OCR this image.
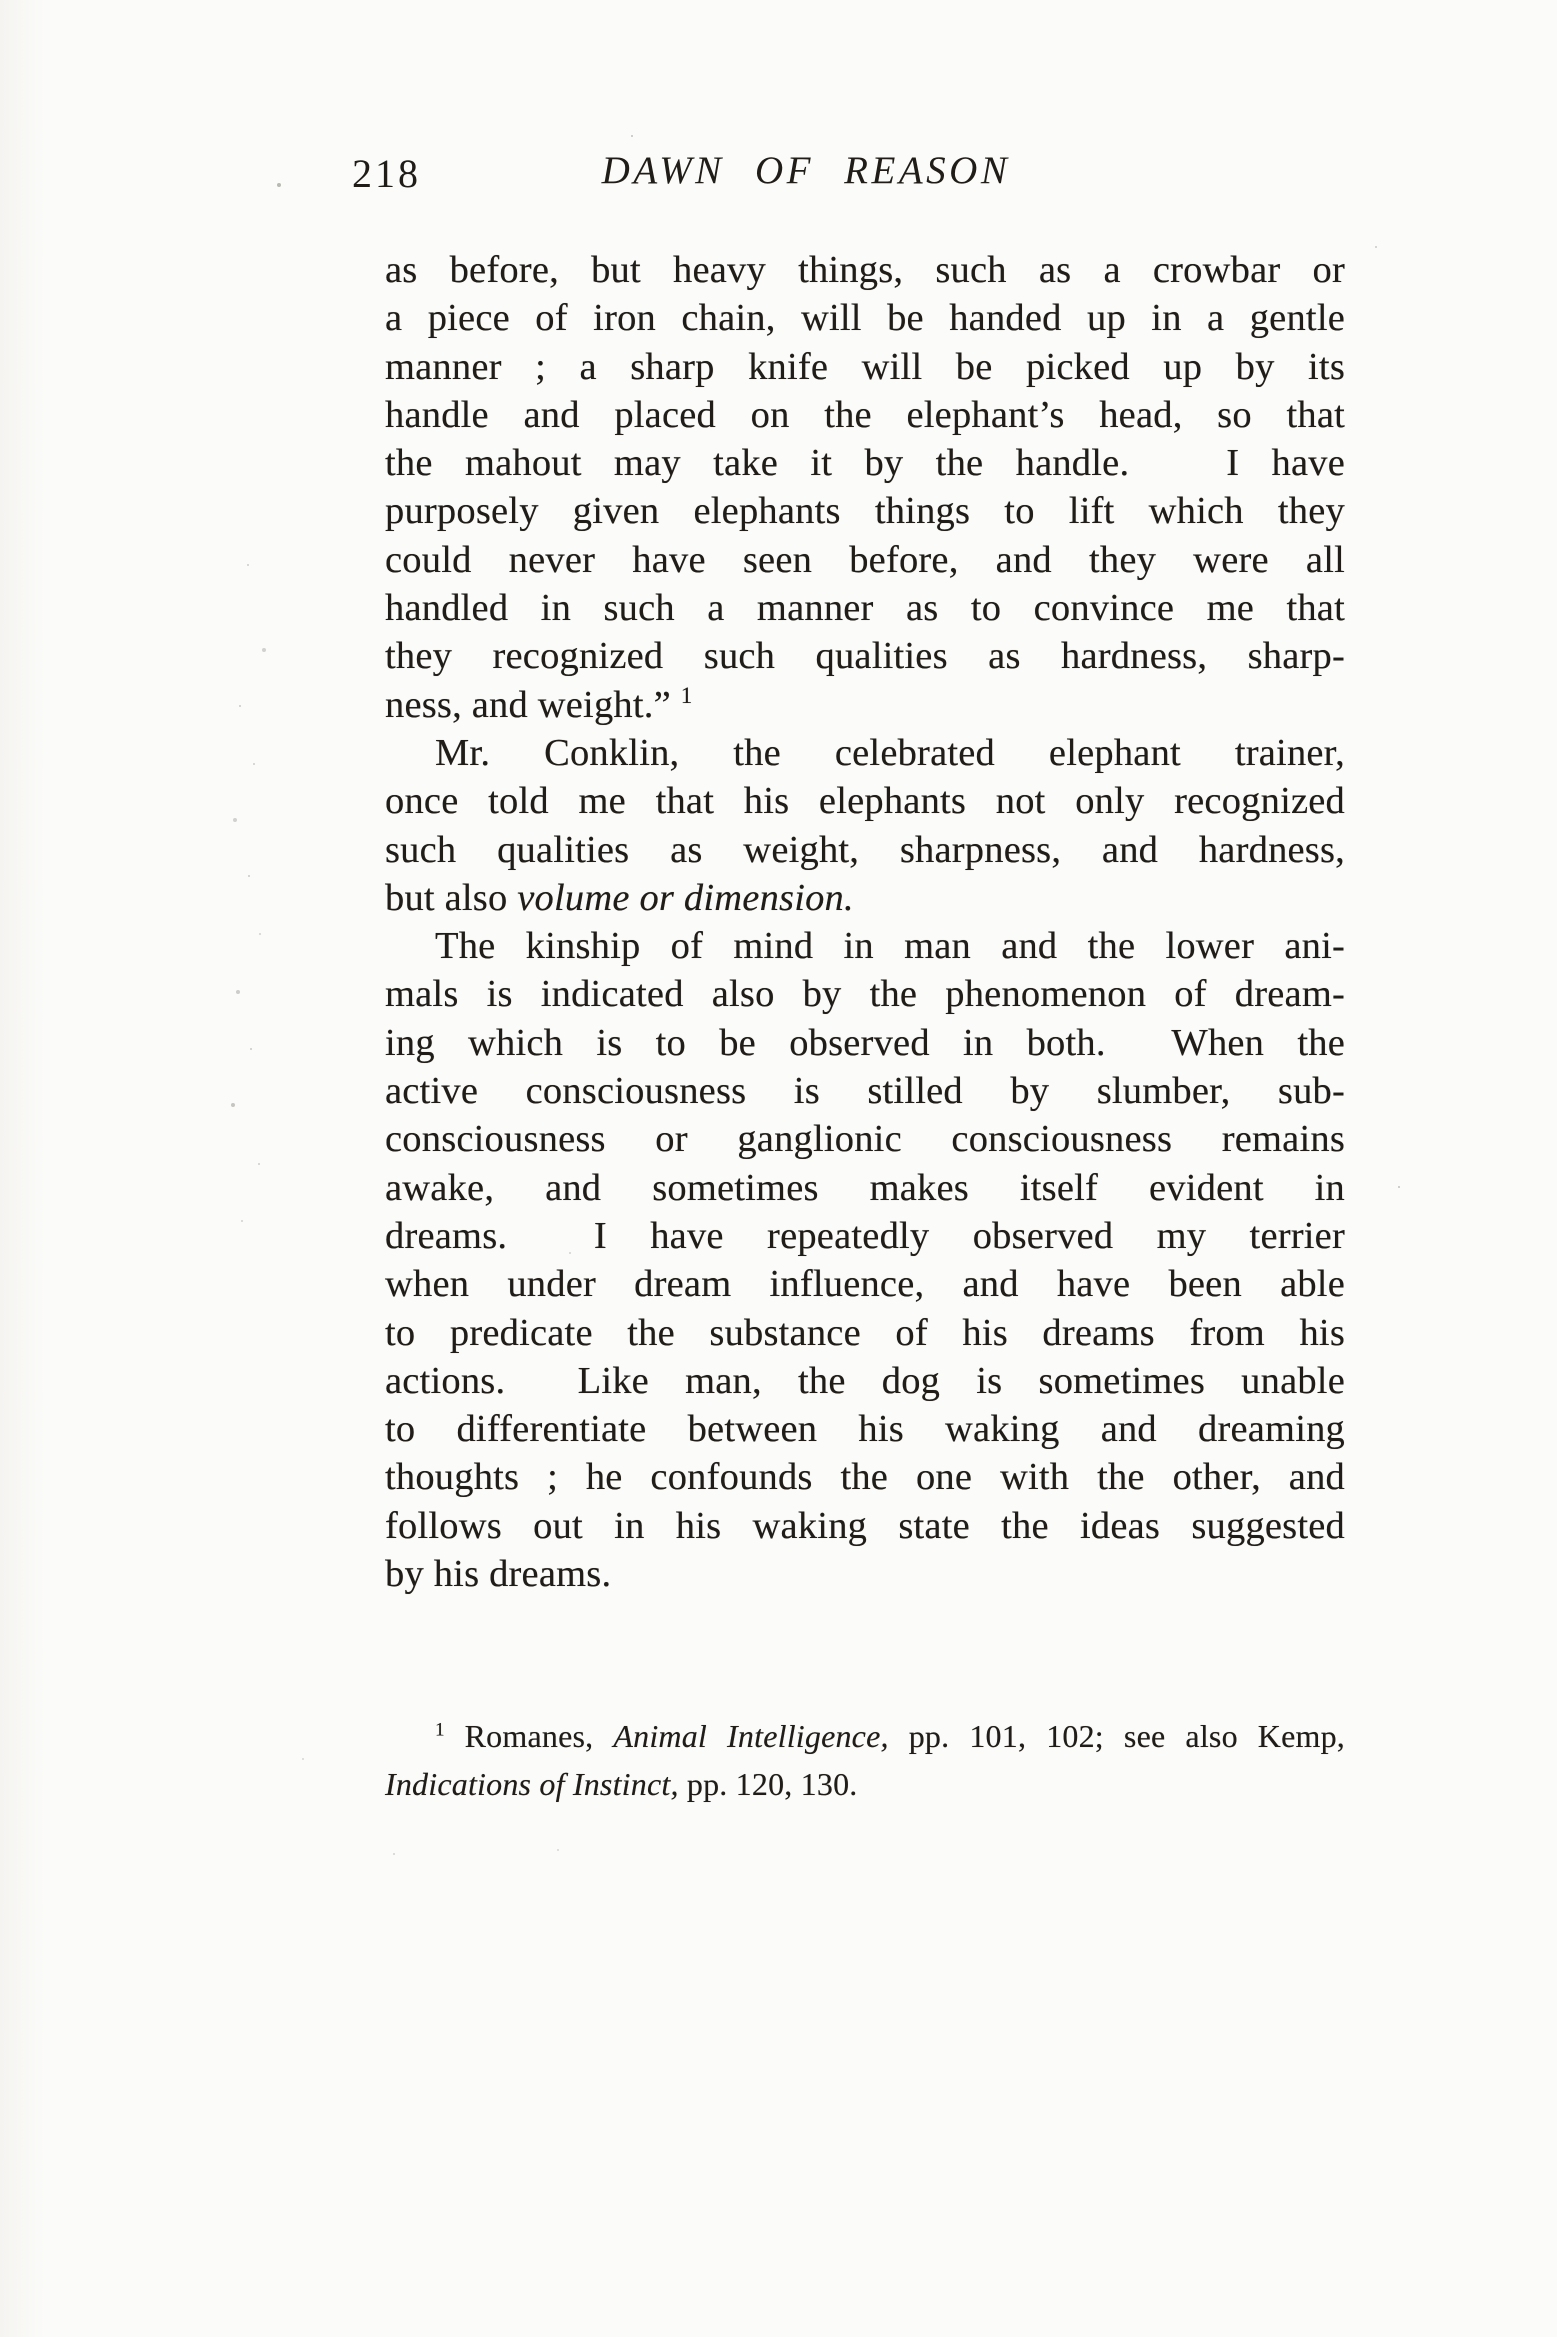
218	DAWN OF REASON
as before, but heavy things, such as a crowbar or
a piece of iron chain, will be handed up in a gentle
manner ; a sharp knife will be picked up by its
handle and placed on the elephant’s head, so that
the mahout may take it by the handle.   I have
purposely given elephants things to lift which they
could never have seen before, and they were all
handled in such a manner as to convince me that
they recognized such qualities as hardness, sharp-
ness, and weight.” $^1$
Mr. Conklin, the celebrated elephant trainer,
once told me that his elephants not only recognized
such qualities as weight, sharpness, and hardness,
but also volume or dimension.
The kinship of mind in man and the lower ani-
mals is indicated also by the phenomenon of dream-
ing which is to be observed in both.  When the
active consciousness is stilled by slumber, sub-
consciousness or ganglionic consciousness remains
awake, and sometimes makes itself evident in
dreams.  I have repeatedly observed my terrier
when under dream influence, and have been able
to predicate the substance of his dreams from his
actions.  Like man, the dog is sometimes unable
to differentiate between his waking and dreaming
thoughts ; he confounds the one with the other, and
follows out in his waking state the ideas suggested
by his dreams.
$^1$ Romanes, Animal Intelligence, pp. 101, 102; see also Kemp,
Indications of Instinct, pp. 120, 130.
